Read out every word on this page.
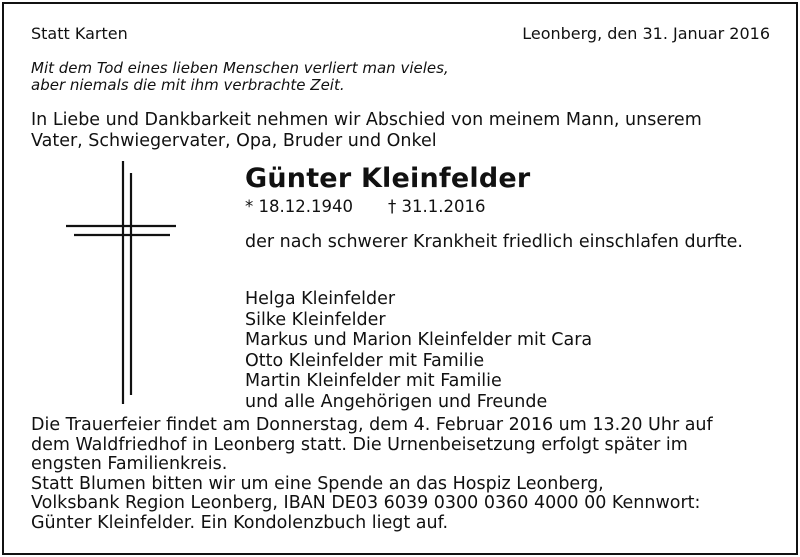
Statt Karten	Leonberg, den 31. Januar 2016
Mit dem Tod eines lieben Menschen verliert man vieles,
aber niemals die mit ihm verbrachte Zeit.
In Liebe und Dankbarkeit nehmen wir Abschied von meinem Mann, unserem
Vater, Schwiegervater, Opa, Bruder und Onkel
Günter Kleinfelder
* 18.12.1940 † 31.1.2016
der nach schwerer Krankheit friedlich einschlafen durfte.
Helga Kleinfelder
Silke Kleinfelder
Markus und Marion Kleinfelder mit Cara
Otto Kleinfelder mit Familie
Martin Kleinfelder mit Familie
und alle Angehörigen und Freunde
Die Trauerfeier findet am Donnerstag, dem 4. Februar 2016 um 13.20 Uhr auf
dem Waldfriedhof in Leonberg statt. Die Urnenbeisetzung erfolgt später im
engsten Familienkreis.
Statt Blumen bitten wir um eine Spende an das Hospiz Leonberg,
Volksbank Region Leonberg, IBAN DE03 6039 0300 0360 4000 00 Kennwort:
Günter Kleinfelder. Ein Kondolenzbuch liegt auf.
